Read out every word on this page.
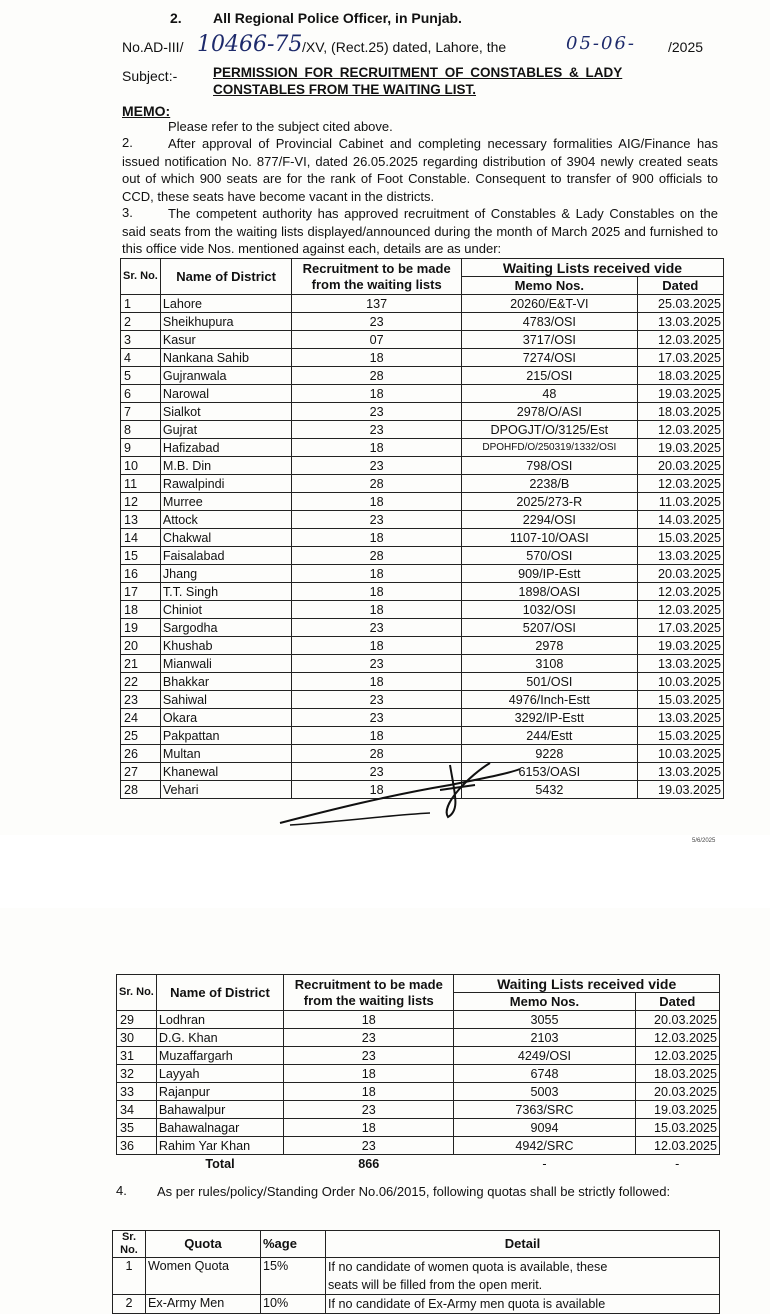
2. All Regional Police Officer, in Punjab.
No.AD-III/ 10466-75 /XV, (Rect.25) dated, Lahore, the	05-06- /2025
Subject:-	PERMISSION FOR RECRUITMENT OF CONSTABLES & LADY
CONSTABLES FROM THE WAITING LIST.
MEMO:

Please refer to the subject cited above.

2.	After approval of Provincial Cabinet and completing necessary formalities AIG/Finance has issued notification No. 877/F-VI, dated 26.05.2025 regarding distribution of 3904 newly created seats out of which 900 seats are for the rank of Foot Constable. Consequent to transfer of 900 officials to CCD, these seats have become vacant in the districts.

3.	The competent authority has approved recruitment of Constables & Lady Constables on the said seats from the waiting lists displayed/announced during the month of March 2025 and furnished to this office vide Nos. mentioned against each, details are as under:

Sr. No.	Name of District	Recruitment to be made from the waiting lists	Waiting Lists received vide	
			Memo Nos.	Dated
1	Lahore	137	20260/E&T-VI	25.03.2025
2	Sheikhupura	23	4783/OSI	13.03.2025
3	Kasur	07	3717/OSI	12.03.2025
4	Nankana Sahib	18	7274/OSI	17.03.2025
5	Gujranwala	28	215/OSI	18.03.2025
6	Narowal	18	48	19.03.2025
7	Sialkot	23	2978/O/ASI	18.03.2025
8	Gujrat	23	DPOGJT/O/3125/Est	12.03.2025
9	Hafizabad	18	DPOHFD/O/250319/1332/OSI	19.03.2025
10	M.B. Din	23	798/OSI	20.03.2025
11	Rawalpindi	28	2238/B	12.03.2025
12	Murree	18	2025/273-R	11.03.2025
13	Attock	23	2294/OSI	14.03.2025
14	Chakwal	18	1107-10/OASI	15.03.2025
15	Faisalabad	28	570/OSI	13.03.2025
16	Jhang	18	909/IP-Estt	20.03.2025
17	T.T. Singh	18	1898/OASI	12.03.2025
18	Chiniot	18	1032/OSI	12.03.2025
19	Sargodha	23	5207/OSI	17.03.2025
20	Khushab	18	2978	19.03.2025
21	Mianwali	23	3108	13.03.2025
22	Bhakkar	18	501/OSI	10.03.2025
23	Sahiwal	23	4976/Inch-Estt	15.03.2025
24	Okara	23	3292/IP-Estt	13.03.2025
25	Pakpattan	18	244/Estt	15.03.2025
26	Multan	28	9228	10.03.2025
27	Khanewal	23	6153/OASI	13.03.2025
28	Vehari	18	5432	19.03.2025
5/6/2025
Sr. No.	Name of District	Recruitment to be made from the waiting lists	Waiting Lists received vide	
			Memo Nos.	Dated
29	Lodhran	18	3055	20.03.2025
30	D.G. Khan	23	2103	12.03.2025
31	Muzaffargarh	23	4249/OSI	12.03.2025
32	Layyah	18	6748	18.03.2025
33	Rajanpur	18	5003	20.03.2025
34	Bahawalpur	23	7363/SRC	19.03.2025
35	Bahawalnagar	18	9094	15.03.2025
36	Rahim Yar Khan	23	4942/SRC	12.03.2025
	Total	866	-	-
4.	As per rules/policy/Standing Order No.06/2015, following quotas shall be strictly followed:

Sr. No.	Quota	%age	Detail
1	Women Quota	15%	If no candidate of women quota is available, these
seats will be filled from the open merit.

2	Ex-Army Men	10%	If no candidate of Ex-Army men quota is available
